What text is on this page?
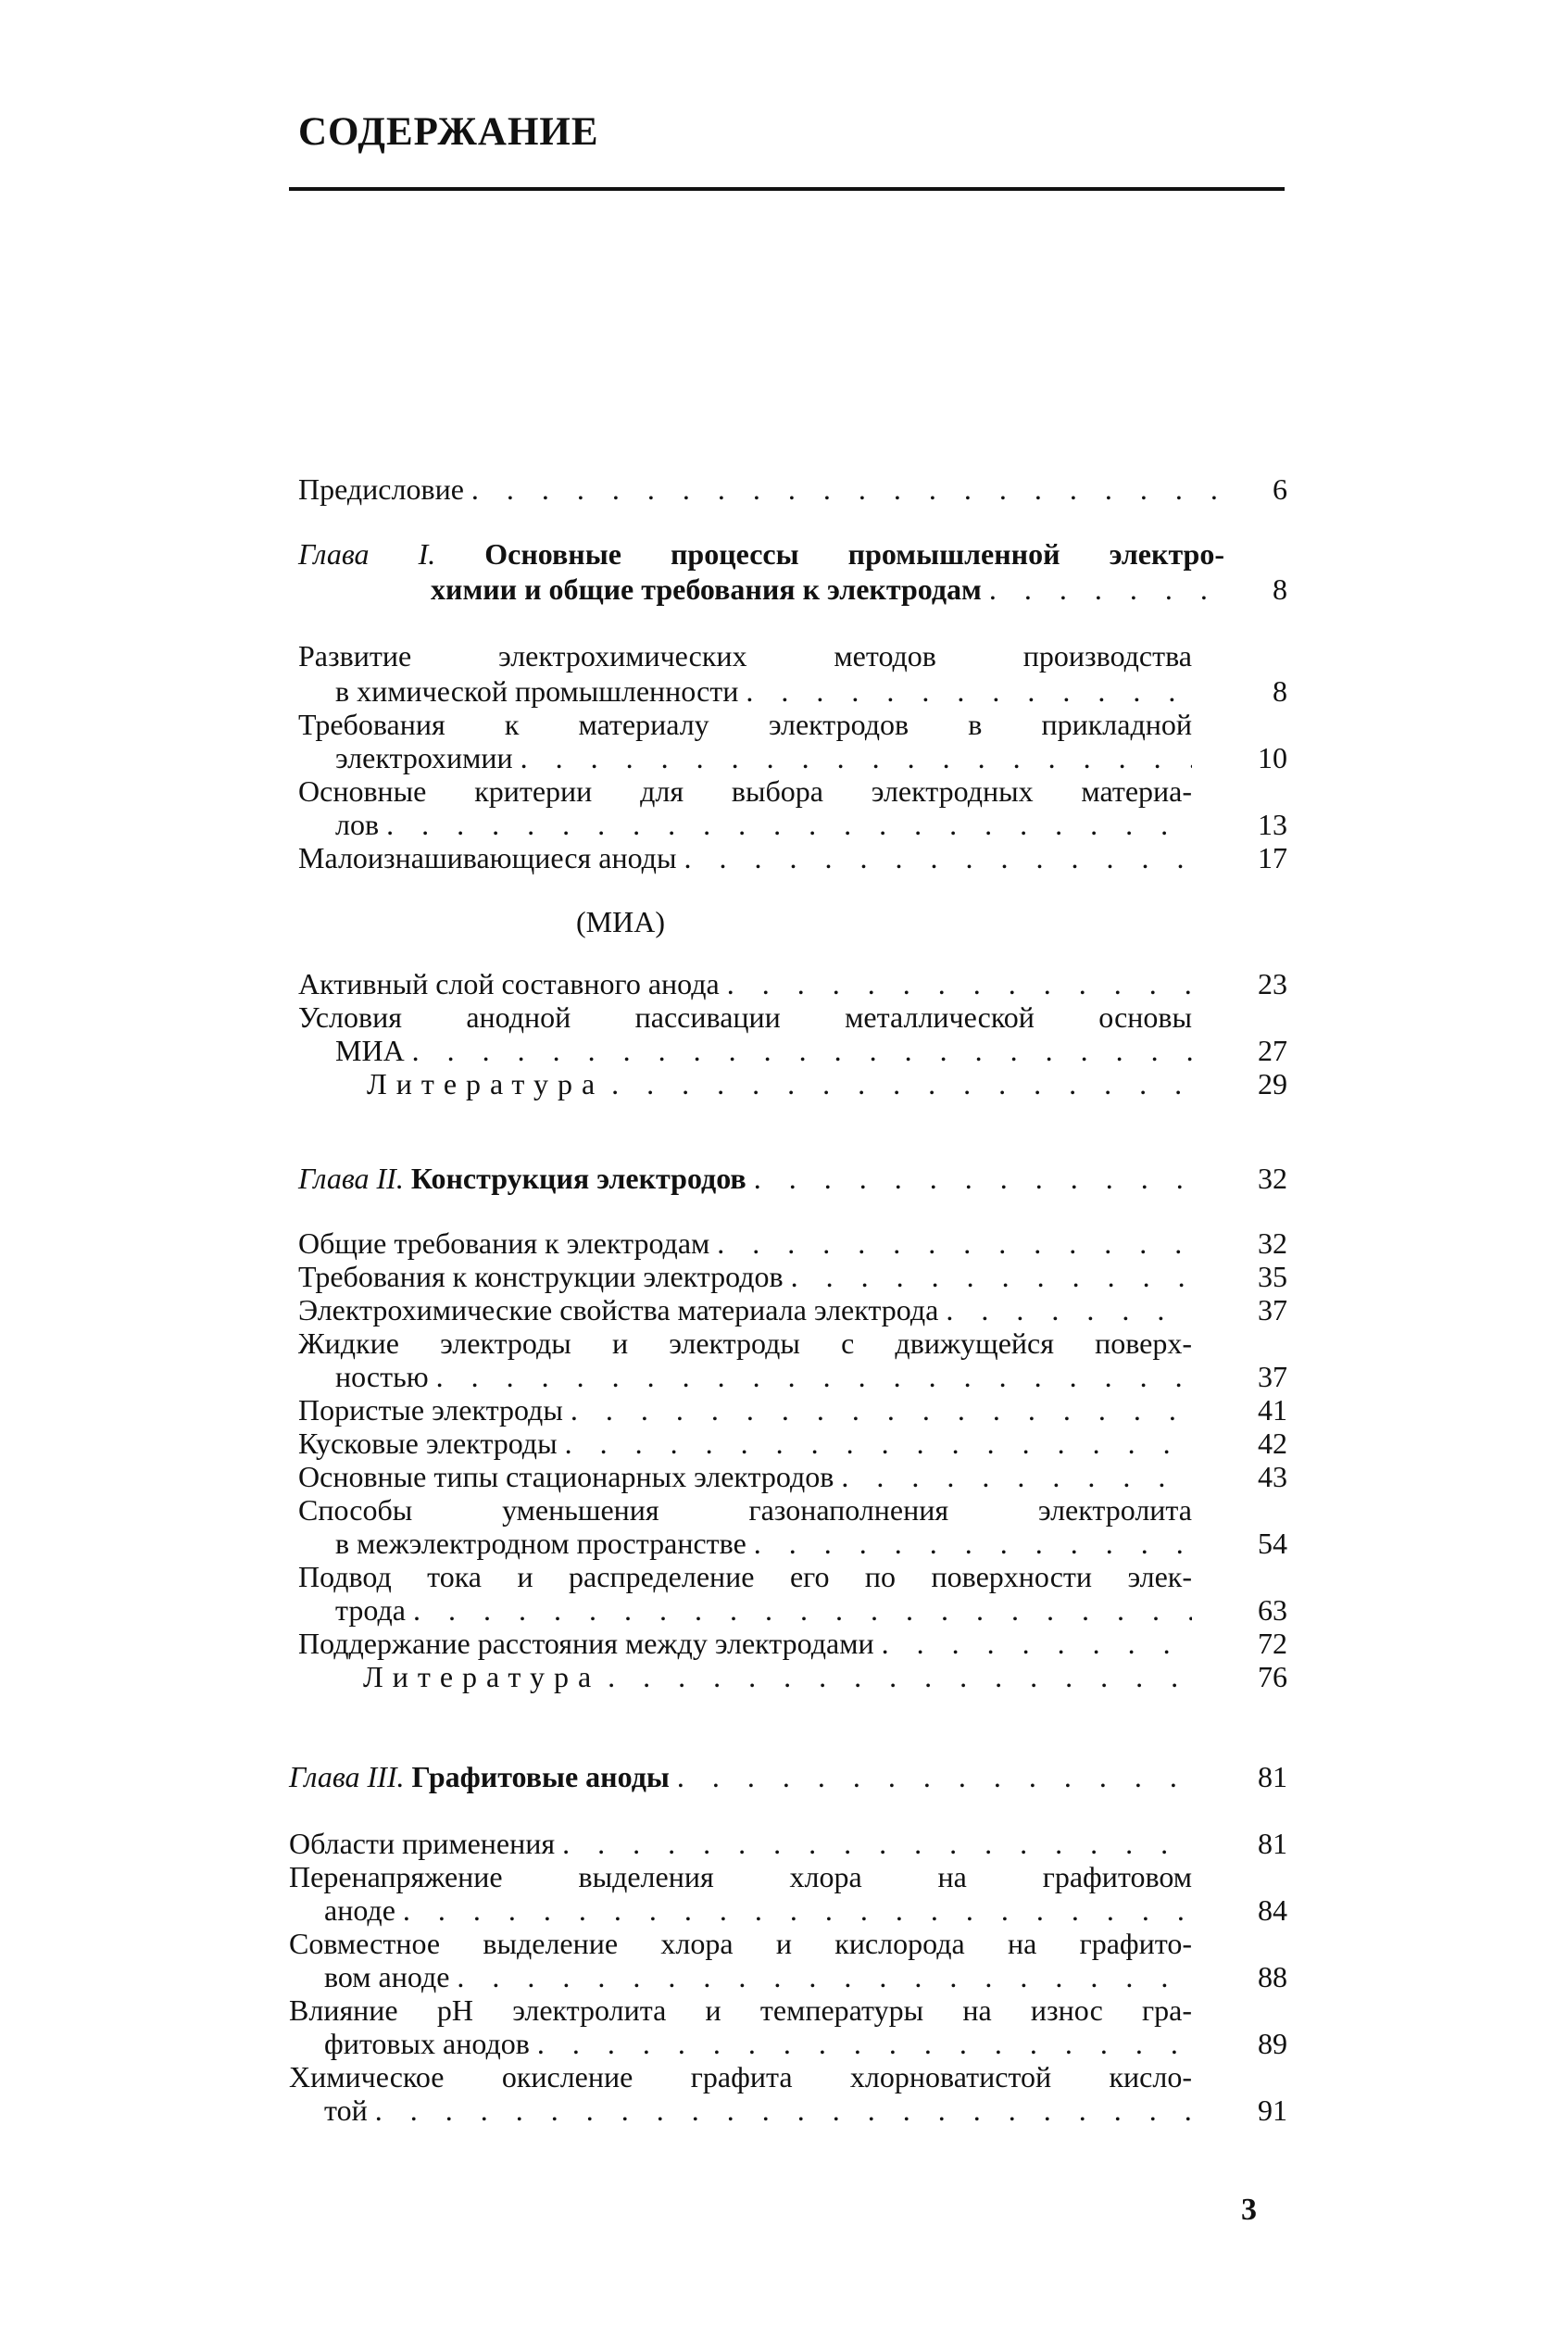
СОДЕРЖАНИЕ
Предисловие . . .	6
Глава I. Основные процессы промышленной электро-
химии и общие требования к электродам . . .	8
Развитие электрохимических методов производства
в химической промышленности . . .	8
Требования к материалу электродов в прикладной
электрохимии . . .	10
Основные критерии для выбора электродных материа-
лов . . .	13
Малоизнашивающиеся аноды . . .	17
(МИА)
Активный слой составного анода . . .	23
Условия анодной пассивации металлической основы
МИА . . .	27
Литература . . .	29
Глава II. Конструкция электродов . . .	32
Общие требования к электродам . . .	32
Требования к конструкции электродов . . .	35
Электрохимические свойства материала электрода . . .	37
Жидкие электроды и электроды с движущейся поверх-
ностью . . .	37
Пористые электроды . . .	41
Кусковые электроды . . .	42
Основные типы стационарных электродов . . .	43
Способы уменьшения газонаполнения электролита
в межэлектродном пространстве . . .	54
Подвод тока и распределение его по поверхности элек-
трода . . .	63
Поддержание расстояния между электродами . . .	72
Литература . . .	76
Глава III. Графитовые аноды . . .	81
Области применения . . .	81
Перенапряжение выделения хлора на графитовом
аноде . . .	84
Совместное выделение хлора и кислорода на графито-
вом аноде . . .	88
Влияние pH электролита и температуры на износ гра-
фитовых анодов . . .	89
Химическое окисление графита хлорноватистой кисло-
той . . .	91
3
